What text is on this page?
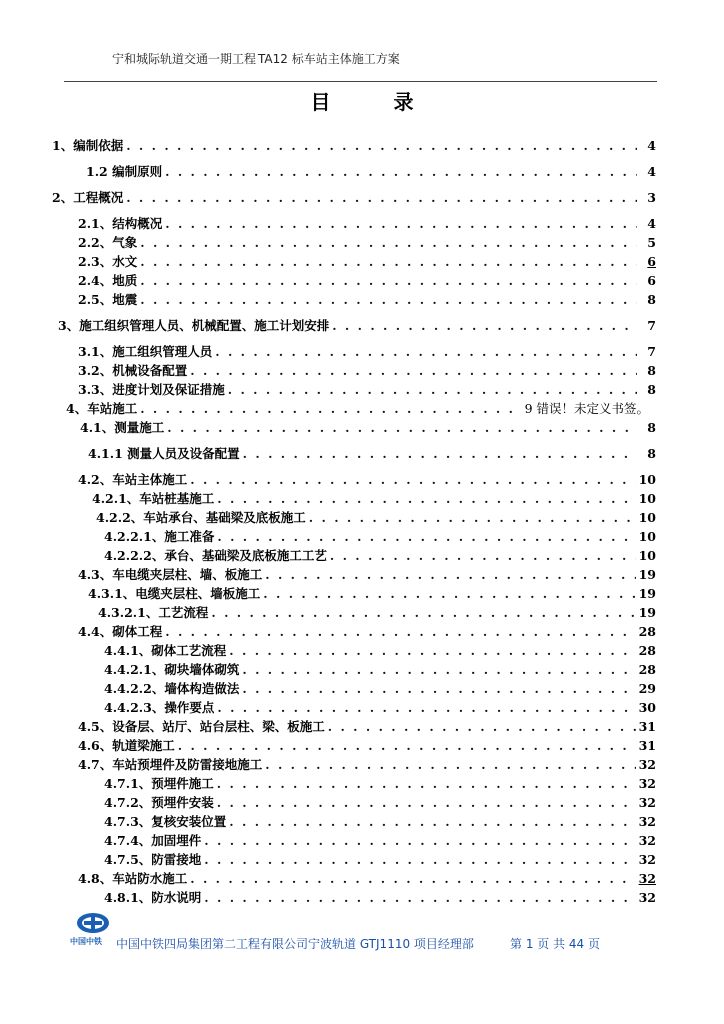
宁和城际轨道交通一期工程 TA12 标车站主体施工方案
目 录
1、编制依据 . . .	4
1.2 编制原则 . . .	4
2、工程概况 . . .	3
2.1、结构概况 . . .	4
2.2、气象 . . .	5
2.3、水文 . . .	6
2.4、地质 . . .	6
2.5、地震 . . .	8
3、施工组织管理人员、机械配置、施工计划安排 . . .	7
3.1、施工组织管理人员 . . .	7
3.2、机械设备配置 . . .	8
3.3、进度计划及保证措施 . . .	8
4、车站施工 . . .	9 错误！未定义书签。
4.1、测量施工 . . .	8
4.1.1 测量人员及设备配置 . . .	8
4.2、车站主体施工 . . .	10
4.2.1、车站桩基施工 . . .	10
4.2.2、车站承台、基础梁及底板施工 . . .	10
4.2.2.1、施工准备 . . .	10
4.2.2.2、承台、基础梁及底板施工工艺 . . .	10
4.3、车电缆夹层柱、墙、板施工 . . .	19
4.3.1、电缆夹层柱、墙板施工 . . .	19
4.3.2.1、工艺流程 . . .	19
4.4、砌体工程 . . .	28
4.4.1、砌体工艺流程 . . .	28
4.4.2.1、砌块墙体砌筑 . . .	28
4.4.2.2、墙体构造做法 . . .	29
4.4.2.3、操作要点 . . .	30
4.5、设备层、站厅、站台层柱、梁、板施工 . . .	31
4.6、轨道梁施工 . . .	31
4.7、车站预埋件及防雷接地施工 . . .	32
4.7.1、预埋件施工 . . .	32
4.7.2、预埋件安装 . . .	32
4.7.3、复核安装位置 . . .	32
4.7.4、加固埋件 . . .	32
4.7.5、防雷接地 . . .	32
4.8、车站防水施工 . . .	32
4.8.1、防水说明 . . .	32
中国中铁 中国中铁四局集团第二工程有限公司宁波轨道 GTJ1110 项目经理部	第 1 页 共 44 页
